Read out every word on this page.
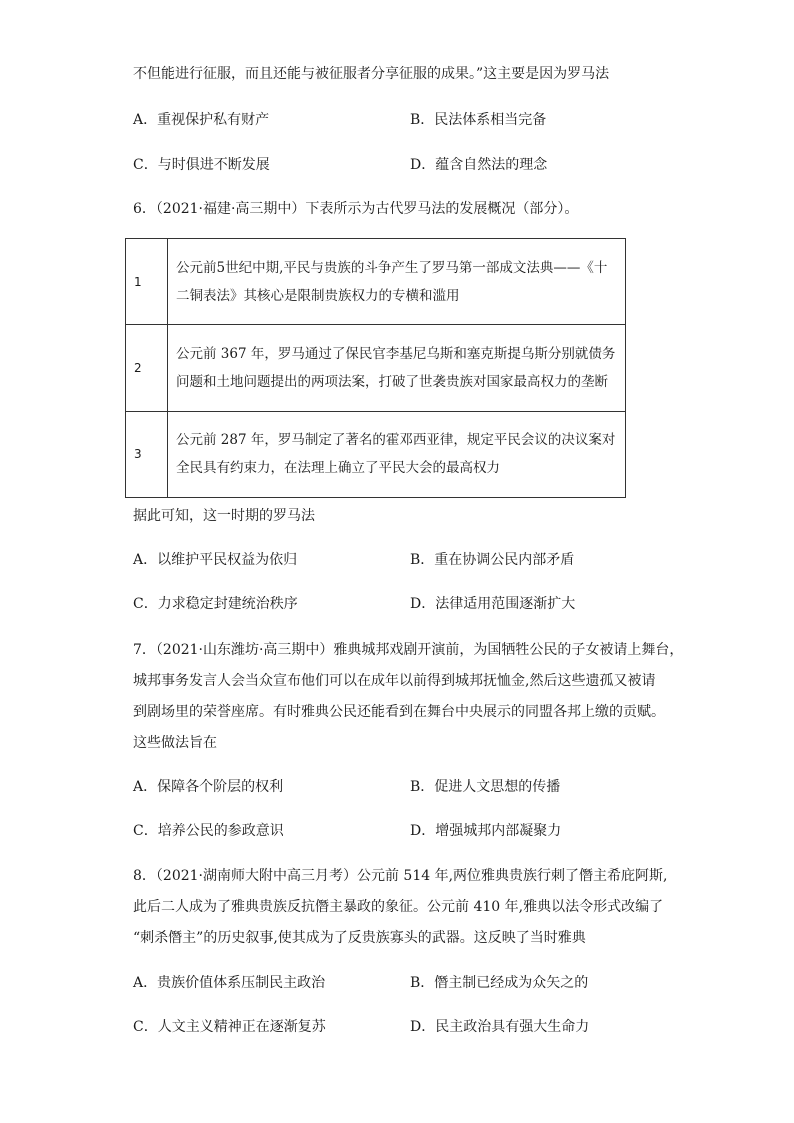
不但能进行征服，而且还能与被征服者分享征服的成果。”这主要是因为罗马法
A．重视保护私有财产	B．民法体系相当完备
C．与时俱进不断发展	D．蕴含自然法的理念
6．（2021·福建·高三期中）下表所示为古代罗马法的发展概况（部分）。
1	公元前5世纪中期,平民与贵族的斗争产生了罗马第一部成文法典——《十
二铜表法》其核心是限制贵族权力的专横和滥用

2	公元前 367 年，罗马通过了保民官李基尼乌斯和塞克斯提乌斯分别就债务
问题和土地问题提出的两项法案，打破了世袭贵族对国家最高权力的垄断

3	公元前 287 年，罗马制定了著名的霍邓西亚律，规定平民会议的决议案对
全民具有约束力，在法理上确立了平民大会的最高权力
据此可知，这一时期的罗马法
A．以维护平民权益为依归	B．重在协调公民内部矛盾
C．力求稳定封建统治秩序	D．法律适用范围逐渐扩大
7．（2021·山东潍坊·高三期中）雅典城邦戏剧开演前，为国牺牲公民的子女被请上舞台，
城邦事务发言人会当众宣布他们可以在成年以前得到城邦抚恤金,然后这些遗孤又被请
到剧场里的荣誉座席。有时雅典公民还能看到在舞台中央展示的同盟各邦上缴的贡赋。
这些做法旨在
A．保障各个阶层的权利	B．促进人文思想的传播
C．培养公民的参政意识	D．增强城邦内部凝聚力
8．（2021·湖南师大附中高三月考）公元前 514 年,两位雅典贵族行刺了僭主希庇阿斯,
此后二人成为了雅典贵族反抗僭主暴政的象征。公元前 410 年,雅典以法令形式改编了
“刺杀僭主”的历史叙事,使其成为了反贵族寡头的武器。这反映了当时雅典
A．贵族价值体系压制民主政治	B．僭主制已经成为众矢之的
C．人文主义精神正在逐渐复苏	D．民主政治具有强大生命力
